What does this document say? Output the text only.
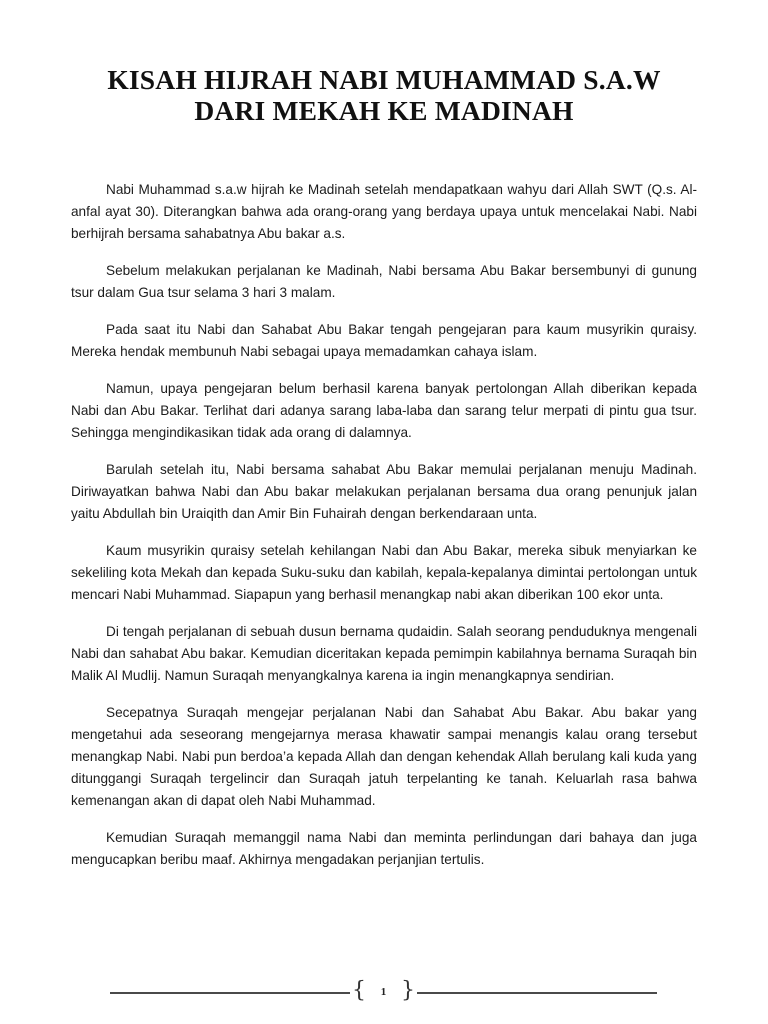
KISAH HIJRAH NABI MUHAMMAD S.A.W
DARI MEKAH KE MADINAH

Nabi Muhammad s.a.w hijrah ke Madinah setelah mendapatkaan wahyu dari Allah SWT (Q.s. Al-anfal ayat 30). Diterangkan bahwa ada orang-orang yang berdaya upaya untuk mencelakai Nabi. Nabi berhijrah bersama sahabatnya Abu bakar a.s.

Sebelum melakukan perjalanan ke Madinah, Nabi bersama Abu Bakar bersembunyi di gunung tsur dalam Gua tsur selama 3 hari 3 malam.

Pada saat itu Nabi dan Sahabat Abu Bakar tengah pengejaran para kaum musyrikin quraisy. Mereka hendak membunuh Nabi sebagai upaya memadamkan cahaya islam.

Namun, upaya pengejaran belum berhasil karena banyak pertolongan Allah diberikan kepada Nabi dan Abu Bakar. Terlihat dari adanya sarang laba-laba dan sarang telur merpati di pintu gua tsur. Sehingga mengindikasikan tidak ada orang di dalamnya.

Barulah setelah itu, Nabi bersama sahabat Abu Bakar memulai perjalanan menuju Madinah. Diriwayatkan bahwa Nabi dan Abu bakar melakukan perjalanan bersama dua orang penunjuk jalan yaitu Abdullah bin Uraiqith dan Amir Bin Fuhairah dengan berkendaraan unta.

Kaum musyrikin quraisy setelah kehilangan Nabi dan Abu Bakar, mereka sibuk menyiarkan ke sekeliling kota Mekah dan kepada Suku-suku dan kabilah, kepala-kepalanya dimintai pertolongan untuk mencari Nabi Muhammad. Siapapun yang berhasil menangkap nabi akan diberikan 100 ekor unta.

Di tengah perjalanan di sebuah dusun bernama qudaidin. Salah seorang penduduknya mengenali Nabi dan sahabat Abu bakar. Kemudian diceritakan kepada pemimpin kabilahnya bernama Suraqah bin Malik Al Mudlij. Namun Suraqah menyangkalnya karena ia ingin menangkapnya sendirian.

Secepatnya Suraqah mengejar perjalanan Nabi dan Sahabat Abu Bakar. Abu bakar yang mengetahui ada seseorang mengejarnya merasa khawatir sampai menangis kalau orang tersebut menangkap Nabi. Nabi pun berdoa’a kepada Allah dan dengan kehendak Allah berulang kali kuda yang ditunggangi Suraqah tergelincir dan Suraqah jatuh terpelanting ke tanah. Keluarlah rasa bahwa kemenangan akan di dapat oleh Nabi Muhammad.

Kemudian Suraqah memanggil nama Nabi dan meminta perlindungan dari bahaya dan juga mengucapkan beribu maaf. Akhirnya mengadakan perjanjian tertulis.

{	1 }
